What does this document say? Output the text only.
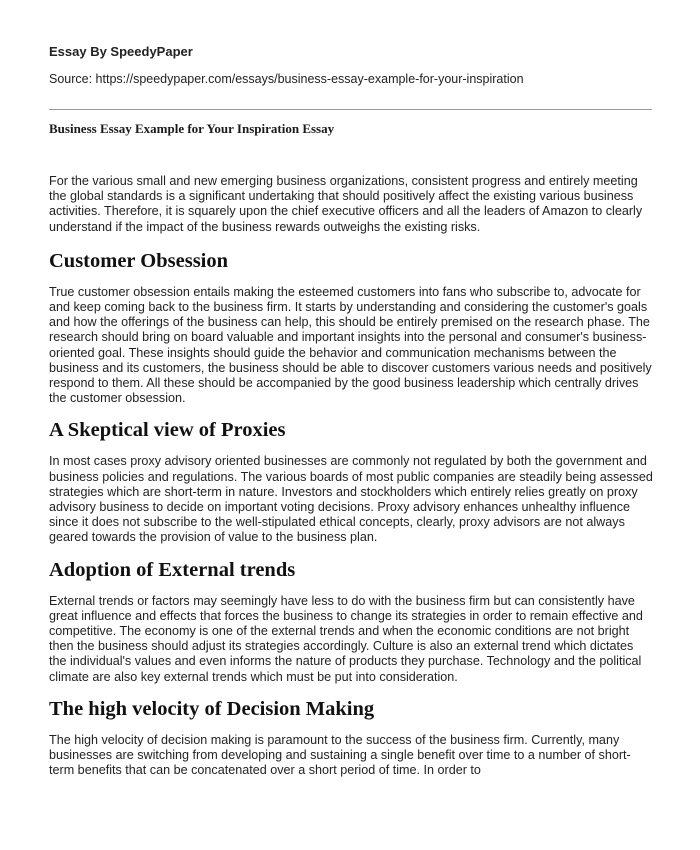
Essay By SpeedyPaper

Source: https://speedypaper.com/essays/business-essay-example-for-your-inspiration

Business Essay Example for Your Inspiration Essay

For the various small and new emerging business organizations, consistent progress and entirely meeting the global standards is a significant undertaking that should positively affect the existing various business activities. Therefore, it is squarely upon the chief executive officers and all the leaders of Amazon to clearly understand if the impact of the business rewards outweighs the existing risks.

Customer Obsession

True customer obsession entails making the esteemed customers into fans who subscribe to, advocate for and keep coming back to the business firm. It starts by understanding and considering the customer's goals and how the offerings of the business can help, this should be entirely premised on the research phase. The research should bring on board valuable and important insights into the personal and consumer's business-oriented goal. These insights should guide the behavior and communication mechanisms between the business and its customers, the business should be able to discover customers various needs and positively respond to them. All these should be accompanied by the good business leadership which centrally drives the customer obsession.

A Skeptical view of Proxies

In most cases proxy advisory oriented businesses are commonly not regulated by both the government and business policies and regulations. The various boards of most public companies are steadily being assessed strategies which are short-term in nature. Investors and stockholders which entirely relies greatly on proxy advisory business to decide on important voting decisions. Proxy advisory enhances unhealthy influence since it does not subscribe to the well-stipulated ethical concepts, clearly, proxy advisors are not always geared towards the provision of value to the business plan.

Adoption of External trends

External trends or factors may seemingly have less to do with the business firm but can consistently have great influence and effects that forces the business to change its strategies in order to remain effective and competitive. The economy is one of the external trends and when the economic conditions are not bright then the business should adjust its strategies accordingly. Culture is also an external trend which dictates the individual's values and even informs the nature of products they purchase. Technology and the political climate are also key external trends which must be put into consideration.

The high velocity of Decision Making

The high velocity of decision making is paramount to the success of the business firm. Currently, many businesses are switching from developing and sustaining a single benefit over time to a number of short-term benefits that can be concatenated over a short period of time. In order to
